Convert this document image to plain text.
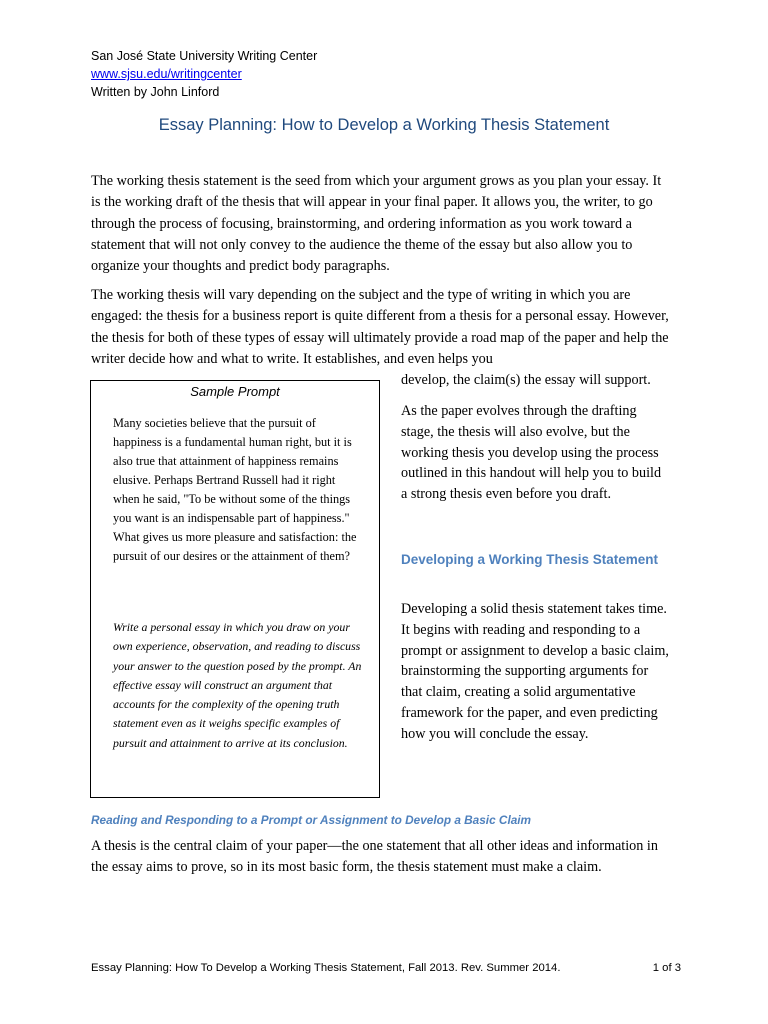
San José State University Writing Center
www.sjsu.edu/writingcenter
Written by John Linford
Essay Planning: How to Develop a Working Thesis Statement

The working thesis statement is the seed from which your argument grows as you plan your essay. It is the working draft of the thesis that will appear in your final paper. It allows you, the writer, to go through the process of focusing, brainstorming, and ordering information as you work toward a statement that will not only convey to the audience the theme of the essay but also allow you to organize your thoughts and predict body paragraphs.

The working thesis will vary depending on the subject and the type of writing in which you are engaged: the thesis for a business report is quite different from a thesis for a personal essay. However, the thesis for both of these types of essay will ultimately provide a road map of the paper and help the writer decide how and what to write. It establishes, and even helps you

develop, the claim(s) the essay will support.

Sample Prompt

Many societies believe that the pursuit of happiness is a fundamental human right, but it is also true that attainment of happiness remains elusive. Perhaps Bertrand Russell had it right when he said, "To be without some of the things you want is an indispensable part of happiness." What gives us more pleasure and satisfaction: the pursuit of our desires or the attainment of them?

Write a personal essay in which you draw on your own experience, observation, and reading to discuss your answer to the question posed by the prompt. An effective essay will construct an argument that accounts for the complexity of the opening truth statement even as it weighs specific examples of pursuit and attainment to arrive at its conclusion.

As the paper evolves through the drafting stage, the thesis will also evolve, but the working thesis you develop using the process outlined in this handout will help you to build a strong thesis even before you draft.

Developing a Working Thesis Statement

Developing a solid thesis statement takes time. It begins with reading and responding to a prompt or assignment to develop a basic claim, brainstorming the supporting arguments for that claim, creating a solid argumentative framework for the paper, and even predicting how you will conclude the essay.

Reading and Responding to a Prompt or Assignment to Develop a Basic Claim

A thesis is the central claim of your paper—the one statement that all other ideas and information in the essay aims to prove, so in its most basic form, the thesis statement must make a claim.

Essay Planning: How To Develop a Working Thesis Statement, Fall 2013. Rev. Summer 2014.	1 of 3
